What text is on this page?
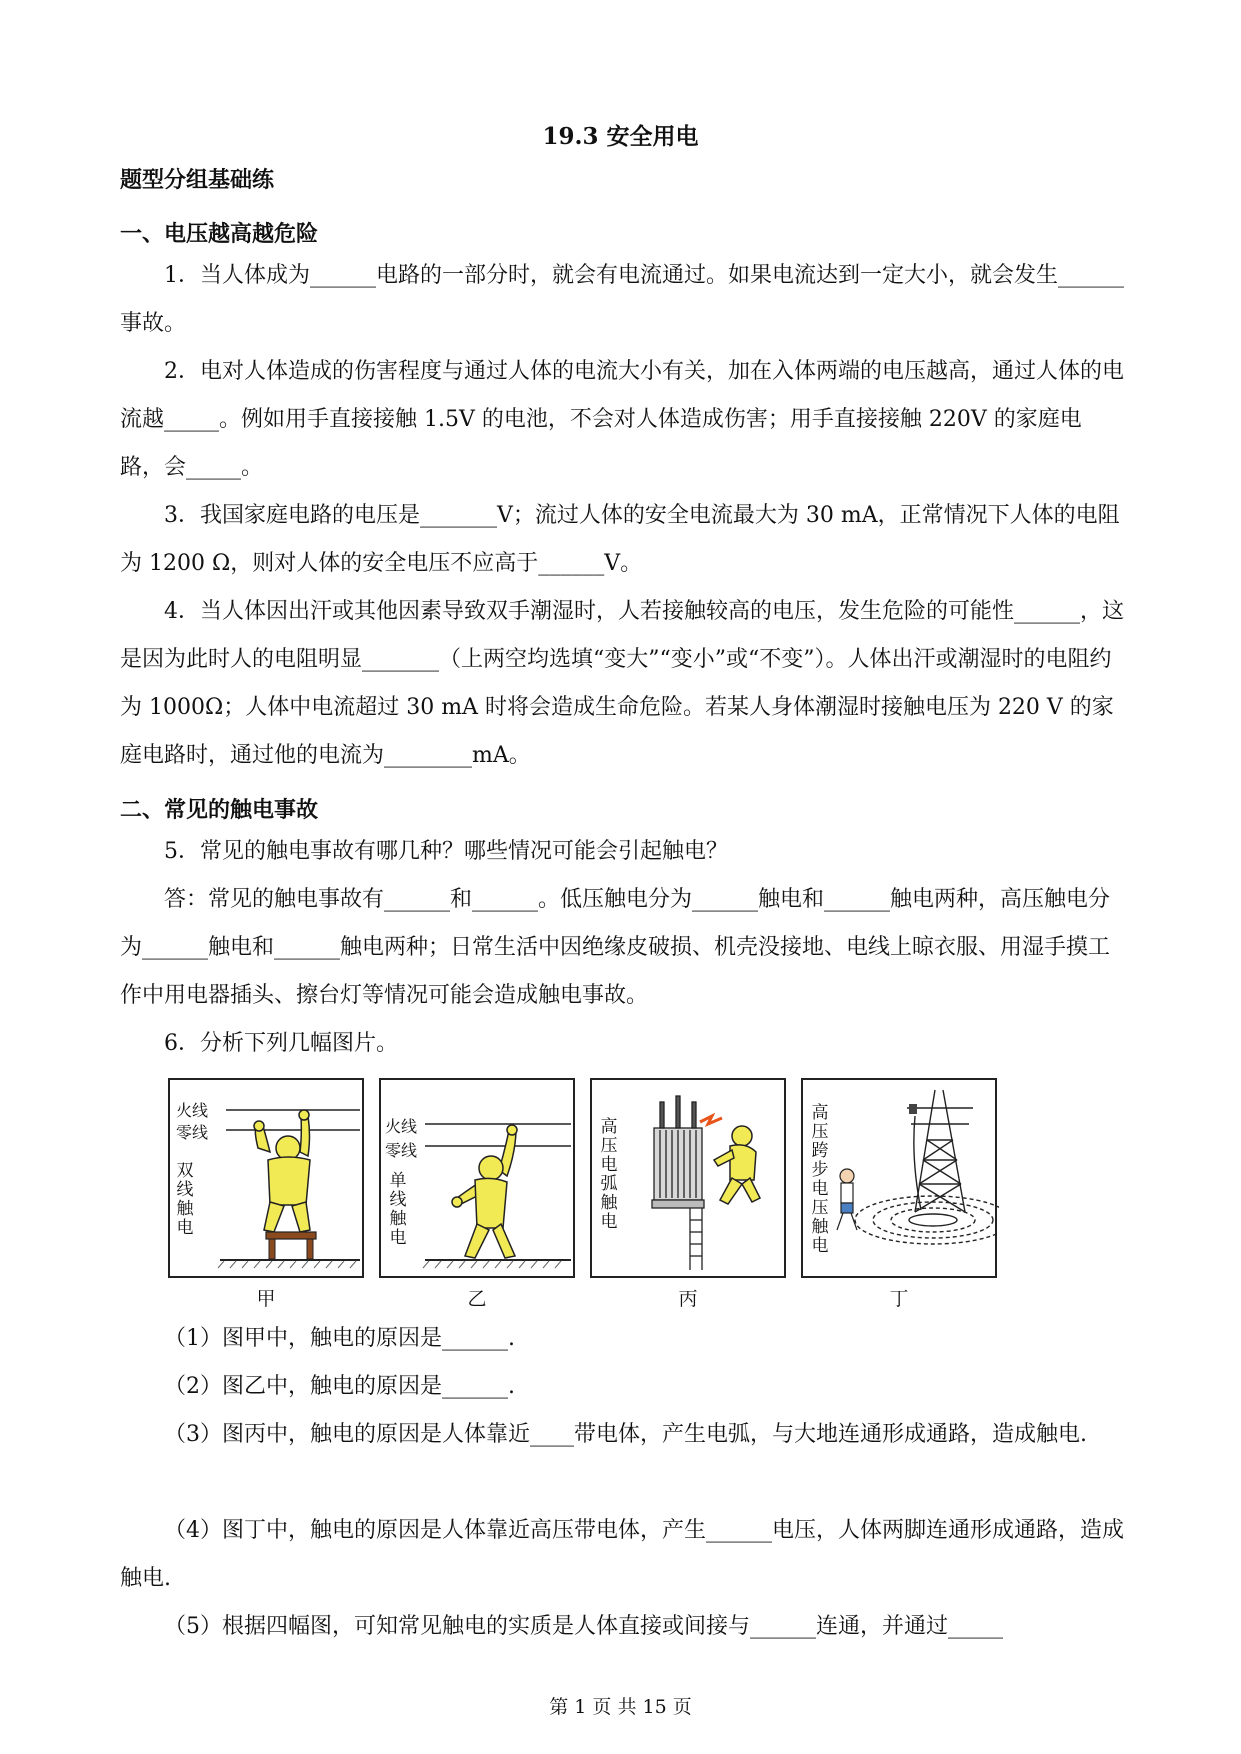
19.3 安全用电
题型分组基础练
一、电压越高越危险
1．当人体成为______电路的一部分时，就会有电流通过。如果电流达到一定大小，就会发生______事故。
2．电对人体造成的伤害程度与通过人体的电流大小有关，加在入体两端的电压越高，通过人体的电流越_____。例如用手直接接触 1.5V 的电池，不会对人体造成伤害；用手直接接触 220V 的家庭电路，会_____。
3．我国家庭电路的电压是_______V；流过人体的安全电流最大为 30 mA，正常情况下人体的电阻为 1200 Ω，则对人体的安全电压不应高于______V。
4．当人体因出汗或其他因素导致双手潮湿时，人若接触较高的电压，发生危险的可能性______，这是因为此时人的电阻明显_______（上两空均选填“变大”“变小”或“不变”）。人体出汗或潮湿时的电阻约为 1000Ω；人体中电流超过 30 mA 时将会造成生命危险。若某人身体潮湿时接触电压为 220 V 的家庭电路时，通过他的电流为________mA。
二、常见的触电事故
5．常见的触电事故有哪几种？哪些情况可能会引起触电？
答：常见的触电事故有______和______。低压触电分为______触电和______触电两种，高压触电分为______触电和______触电两种；日常生活中因绝缘皮破损、机壳没接地、电线上晾衣服、用湿手摸工作中用电器插头、擦台灯等情况可能会造成触电事故。
6．分析下列几幅图片。
火线
零线
双线触电
火线
零线
单线触电
高压电弧触电
高压跨步电压触电
甲	乙	丙	丁
（1）图甲中，触电的原因是______.
（2）图乙中，触电的原因是______.
（3）图丙中，触电的原因是人体靠近____带电体，产生电弧，与大地连通形成通路，造成触电.
（4）图丁中，触电的原因是人体靠近高压带电体，产生______电压，人体两脚连通形成通路，造成触电.
（5）根据四幅图，可知常见触电的实质是人体直接或间接与______连通，并通过_____
第 1 页 共 15 页
